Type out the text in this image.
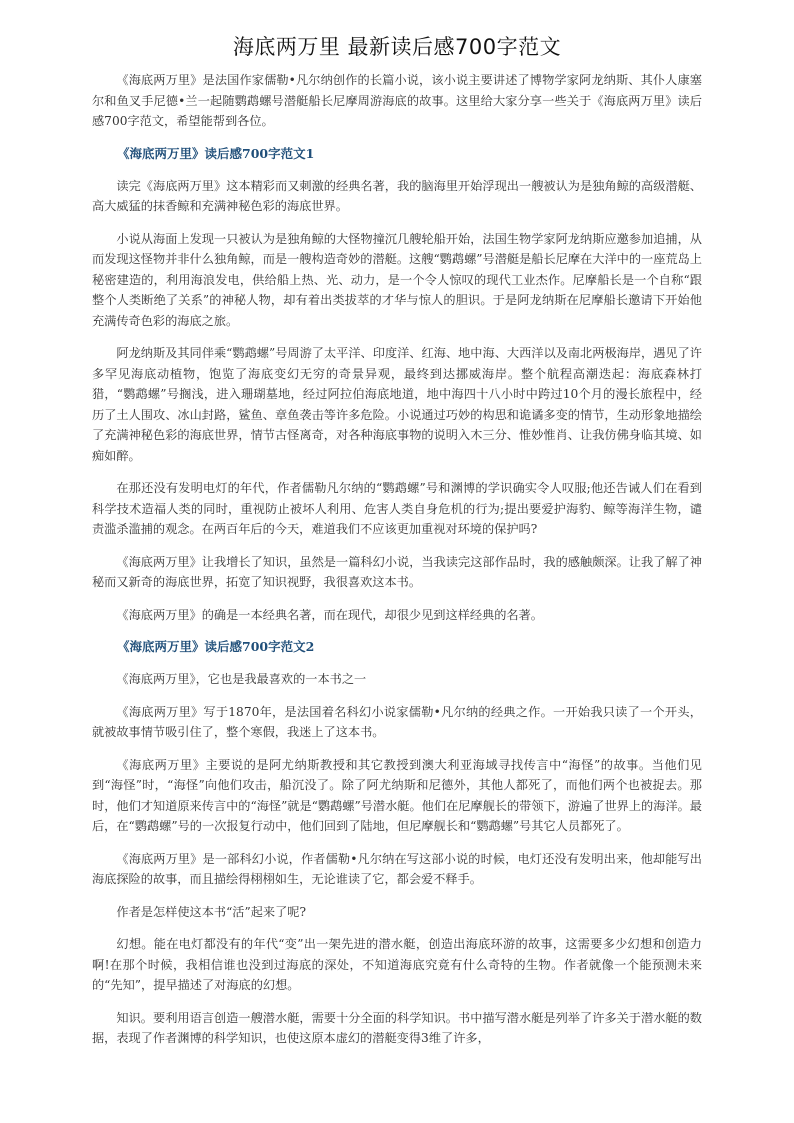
海底两万里 最新读后感700字范文

《海底两万里》是法国作家儒勒•凡尔纳创作的长篇小说，该小说主要讲述了博物学家阿龙纳斯、其仆人康塞尔和鱼叉手尼德•兰一起随鹦鹉螺号潜艇船长尼摩周游海底的故事。这里给大家分享一些关于《海底两万里》读后感700字范文，希望能帮到各位。

《海底两万里》读后感700字范文1

读完《海底两万里》这本精彩而又刺激的经典名著，我的脑海里开始浮现出一艘被认为是独角鲸的高级潜艇、高大威猛的抹香鲸和充满神秘色彩的海底世界。

小说从海面上发现一只被认为是独角鲸的大怪物撞沉几艘轮船开始，法国生物学家阿龙纳斯应邀参加追捕，从而发现这怪物并非什么独角鲸，而是一艘构造奇妙的潜艇。这艘“鹦鹉螺”号潜艇是船长尼摩在大洋中的一座荒岛上秘密建造的，利用海浪发电，供给船上热、光、动力，是一个令人惊叹的现代工业杰作。尼摩船长是一个自称“跟整个人类断绝了关系”的神秘人物，却有着出类拔萃的才华与惊人的胆识。于是阿龙纳斯在尼摩船长邀请下开始他充满传奇色彩的海底之旅。

阿龙纳斯及其同伴乘“鹦鹉螺”号周游了太平洋、印度洋、红海、地中海、大西洋以及南北两极海岸，遇见了许多罕见海底动植物，饱览了海底变幻无穷的奇景异观，最终到达挪威海岸。整个航程高潮迭起：海底森林打猎，“鹦鹉螺”号搁浅，进入珊瑚墓地，经过阿拉伯海底地道，地中海四十八小时中跨过10个月的漫长旅程中，经历了土人围攻、冰山封路，鲨鱼、章鱼袭击等许多危险。小说通过巧妙的构思和诡谲多变的情节，生动形象地描绘了充满神秘色彩的海底世界，情节古怪离奇，对各种海底事物的说明入木三分、惟妙惟肖、让我仿佛身临其境、如痴如醉。

在那还没有发明电灯的年代，作者儒勒凡尔纳的“鹦鹉螺”号和渊博的学识确实令人叹服;他还告诫人们在看到科学技术造福人类的同时，重视防止被坏人利用、危害人类自身危机的行为;提出要爱护海豹、鲸等海洋生物，谴责滥杀滥捕的观念。在两百年后的今天，难道我们不应该更加重视对环境的保护吗?

《海底两万里》让我增长了知识，虽然是一篇科幻小说，当我读完这部作品时，我的感触颇深。让我了解了神秘而又新奇的海底世界，拓宽了知识视野，我很喜欢这本书。

《海底两万里》的确是一本经典名著，而在现代，却很少见到这样经典的名著。

《海底两万里》读后感700字范文2

《海底两万里》，它也是我最喜欢的一本书之一

《海底两万里》写于1870年，是法国着名科幻小说家儒勒•凡尔纳的经典之作。一开始我只读了一个开头，就被故事情节吸引住了，整个寒假，我迷上了这本书。

《海底两万里》主要说的是阿尤纳斯教授和其它教授到澳大利亚海域寻找传言中“海怪”的故事。当他们见到“海怪”时，“海怪”向他们攻击，船沉没了。除了阿尤纳斯和尼德外，其他人都死了，而他们两个也被捉去。那时，他们才知道原来传言中的“海怪”就是“鹦鹉螺”号潜水艇。他们在尼摩舰长的带领下，游遍了世界上的海洋。最后，在“鹦鹉螺”号的一次报复行动中，他们回到了陆地，但尼摩舰长和“鹦鹉螺”号其它人员都死了。

《海底两万里》是一部科幻小说，作者儒勒•凡尔纳在写这部小说的时候，电灯还没有发明出来，他却能写出海底探险的故事，而且描绘得栩栩如生，无论谁读了它，都会爱不释手。

作者是怎样使这本书“活”起来了呢?

幻想。能在电灯都没有的年代“变”出一架先进的潜水艇，创造出海底环游的故事，这需要多少幻想和创造力啊!在那个时候，我相信谁也没到过海底的深处，不知道海底究竟有什么奇特的生物。作者就像一个能预测未来的“先知”，提早描述了对海底的幻想。

知识。要利用语言创造一艘潜水艇，需要十分全面的科学知识。书中描写潜水艇是列举了许多关于潜水艇的数据，表现了作者渊博的科学知识，也使这原本虚幻的潜艇变得3维了许多，
